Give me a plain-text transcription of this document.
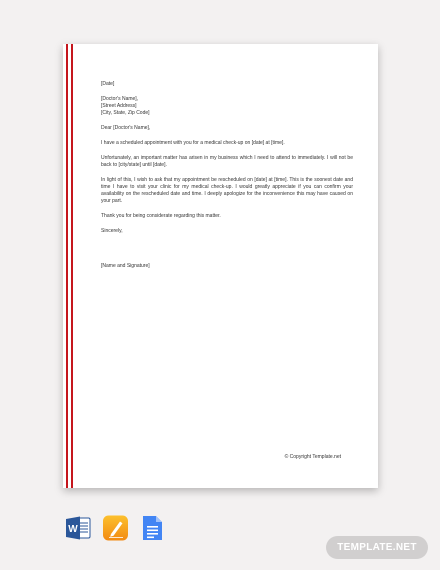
[Date]

[Doctor's Name],

[Street Address]

[City, State, Zip Code]

Dear [Doctor's Name],

I have a scheduled appointment with you for a medical check-up on [date] at [time].

Unfortunately, an important matter has arisen in my business which I need to attend to immediately. I will not be back to [city/state] until [date].

In light of this, I wish to ask that my appointment be rescheduled on [date] at [time]. This is the soonest date and time I have to visit your clinic for my medical check-up. I would greatly appreciate if you can confirm your availability on the rescheduled date and time. I deeply apologize for the inconvenience this may have caused on your part.

Thank you for being considerate regarding this matter.

Sincerely,

[Name and Signature]

© Copyright Template.net
W
TEMPLATE.NET
